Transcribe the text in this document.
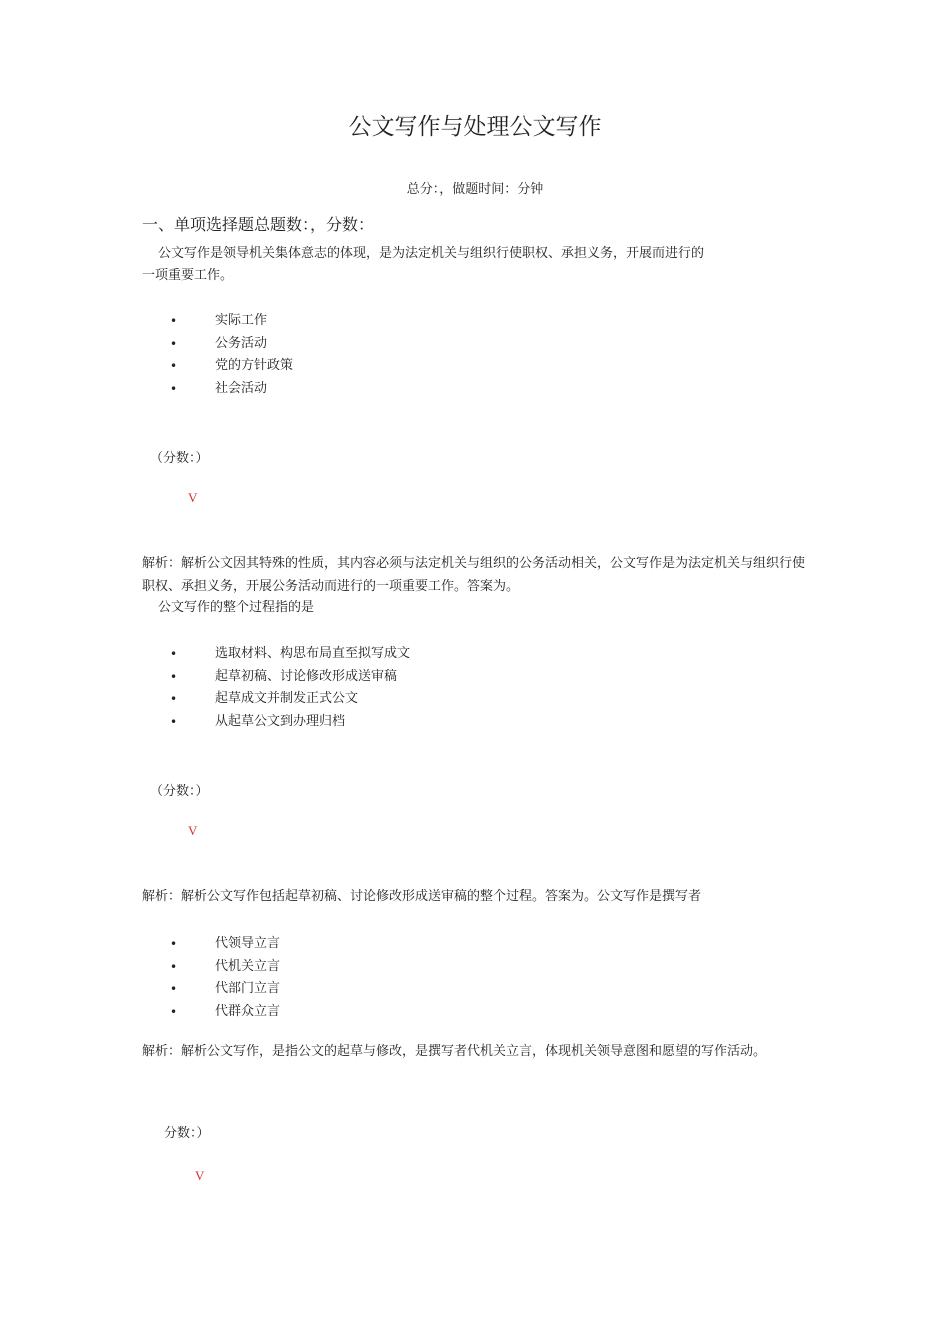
公文写作与处理公文写作
总分：，做题时间：分钟
一、单项选择题总题数：，分数：
公文写作是领导机关集体意志的体现，是为法定机关与组织行使职权、承担义务，开展而进行的
一项重要工作。
•	实际工作
•	公务活动
•	党的方针政策
•	社会活动
（分数：）
V
解析：解析公文因其特殊的性质，其内容必须与法定机关与组织的公务活动相关，公文写作是为法定机关与组织行使职权、承担义务，开展公务活动而进行的一项重要工作。答案为。
公文写作的整个过程指的是
•	选取材料、构思布局直至拟写成文
•	起草初稿、讨论修改形成送审稿
•	起草成文并制发正式公文
•	从起草公文到办理归档
（分数：）
V
解析：解析公文写作包括起草初稿、讨论修改形成送审稿的整个过程。答案为。公文写作是撰写者
•	代领导立言
•	代机关立言
•	代部门立言
•	代群众立言
解析：解析公文写作，是指公文的起草与修改，是撰写者代机关立言，体现机关领导意图和愿望的写作活动。
分数：）
V
